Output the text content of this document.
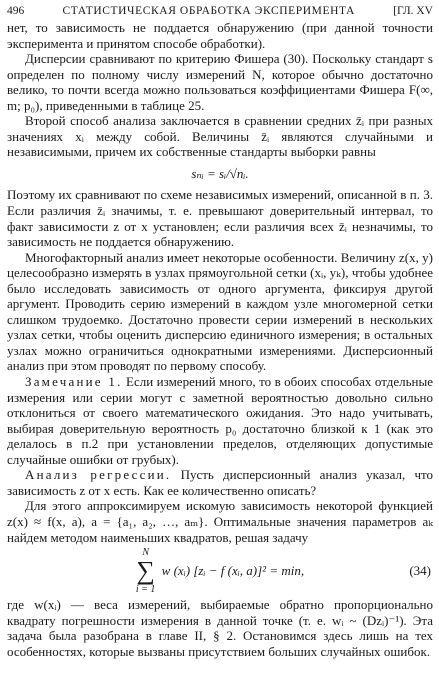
496	СТАТИСТИЧЕСКАЯ ОБРАБОТКА ЭКСПЕРИМЕНТА	[ГЛ. XV

нет, то зависимость не поддается обнаружению (при данной точности эксперимента и принятом способе обработки).

Дисперсии сравнивают по критерию Фишера (30). Поскольку стандарт s определен по полному числу измерений N, которое обычно достаточно велико, то почти всегда можно пользоваться коэффициентами Фишера F(∞, m; p₀), приведенными в таблице 25.

Второй способ анализа заключается в сравнении средних z̄ᵢ при разных значениях xᵢ между собой. Величины z̄ᵢ являются случайными и независимыми, причем их собственные стандарты выборки равны

sₙᵢ = sᵢ/√nᵢ.

Поэтому их сравнивают по схеме независимых измерений, описанной в п. 3. Если различия z̄ᵢ значимы, т. е. превышают доверительный интервал, то факт зависимости z от x установлен; если различия всех z̄ᵢ незначимы, то зависимость не поддается обнаружению.

Многофакторный анализ имеет некоторые особенности. Величину z(x, y) целесообразно измерять в узлах прямоугольной сетки (xᵢ, yₖ), чтобы удобнее было исследовать зависимость от одного аргумента, фиксируя другой аргумент. Проводить серию измерений в каждом узле многомерной сетки слишком трудоемко. Достаточно провести серии измерений в нескольких узлах сетки, чтобы оценить дисперсию единичного измерения; в остальных узлах можно ограничиться однократными измерениями. Дисперсионный анализ при этом проводят по первому способу.

Замечание 1. Если измерений много, то в обоих способах отдельные измерения или серии могут с заметной вероятностью довольно сильно отклониться от своего математического ожидания. Это надо учитывать, выбирая доверительную вероятность p₀ достаточно близкой к 1 (как это делалось в п.2 при установлении пределов, отделяющих допустимые случайные ошибки от грубых).

Анализ регрессии. Пусть дисперсионный анализ указал, что зависимость z от x есть. Как ее количественно описать?

Для этого аппроксимируем искомую зависимость некоторой функцией z(x) ≈ f(x, a), a = {a₁, a₂, …, aₘ}. Оптимальные значения параметров aₖ найдем методом наименьших квадратов, решая задачу

N
∑
i = 1
w (xᵢ) [zᵢ − f (xᵢ, a)]² = min,	(34)

где w(xᵢ) — веса измерений, выбираемые обратно пропорционально квадрату погрешности измерения в данной точке (т. е. wᵢ ~ (Dzᵢ)⁻¹). Эта задача была разобрана в главе II, § 2. Остановимся здесь лишь на тех особенностях, которые вызваны присутствием больших случайных ошибок.
